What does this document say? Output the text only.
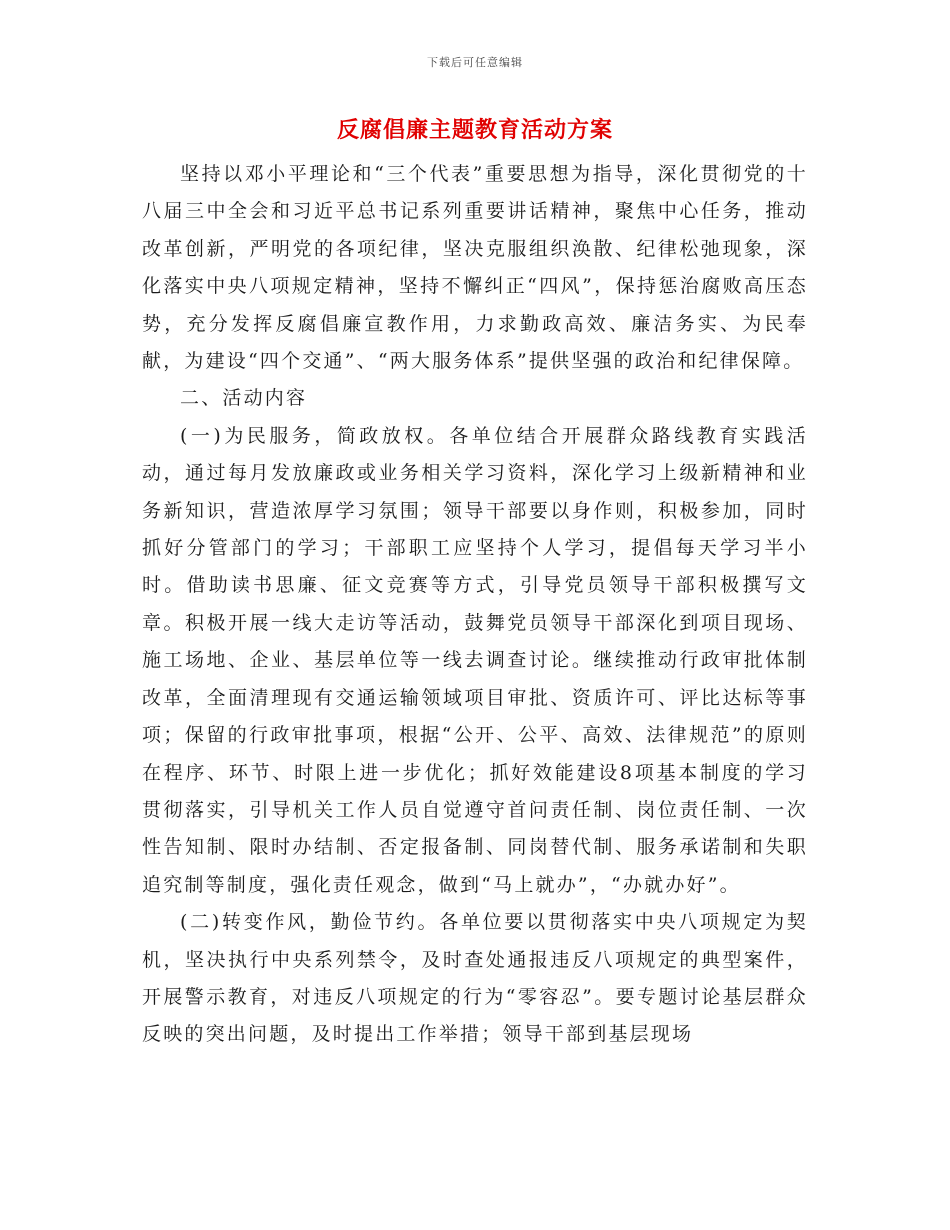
下载后可任意编辑
反腐倡廉主题教育活动方案

坚持以邓小平理论和“三个代表”重要思想为指导，深化贯彻党的十八届三中全会和习近平总书记系列重要讲话精神，聚焦中心任务，推动改革创新，严明党的各项纪律，坚决克服组织涣散、纪律松弛现象，深化落实中央八项规定精神，坚持不懈纠正“四风”，保持惩治腐败高压态势，充分发挥反腐倡廉宣教作用，力求勤政高效、廉洁务实、为民奉献，为建设“四个交通”、“两大服务体系”提供坚强的政治和纪律保障。

二、活动内容

(一)为民服务，简政放权。各单位结合开展群众路线教育实践活动，通过每月发放廉政或业务相关学习资料，深化学习上级新精神和业务新知识，营造浓厚学习氛围；领导干部要以身作则，积极参加，同时抓好分管部门的学习；干部职工应坚持个人学习，提倡每天学习半小时。借助读书思廉、征文竞赛等方式，引导党员领导干部积极撰写文章。积极开展一线大走访等活动，鼓舞党员领导干部深化到项目现场、施工场地、企业、基层单位等一线去调查讨论。继续推动行政审批体制改革，全面清理现有交通运输领域项目审批、资质许可、评比达标等事项；保留的行政审批事项，根据“公开、公平、高效、法律规范”的原则在程序、环节、时限上进一步优化；抓好效能建设8项基本制度的学习贯彻落实，引导机关工作人员自觉遵守首问责任制、岗位责任制、一次性告知制、限时办结制、否定报备制、同岗替代制、服务承诺制和失职追究制等制度，强化责任观念，做到“马上就办”，“办就办好”。

(二)转变作风，勤俭节约。各单位要以贯彻落实中央八项规定为契机，坚决执行中央系列禁令，及时查处通报违反八项规定的典型案件，开展警示教育，对违反八项规定的行为“零容忍”。要专题讨论基层群众反映的突出问题，及时提出工作举措；领导干部到基层现场
